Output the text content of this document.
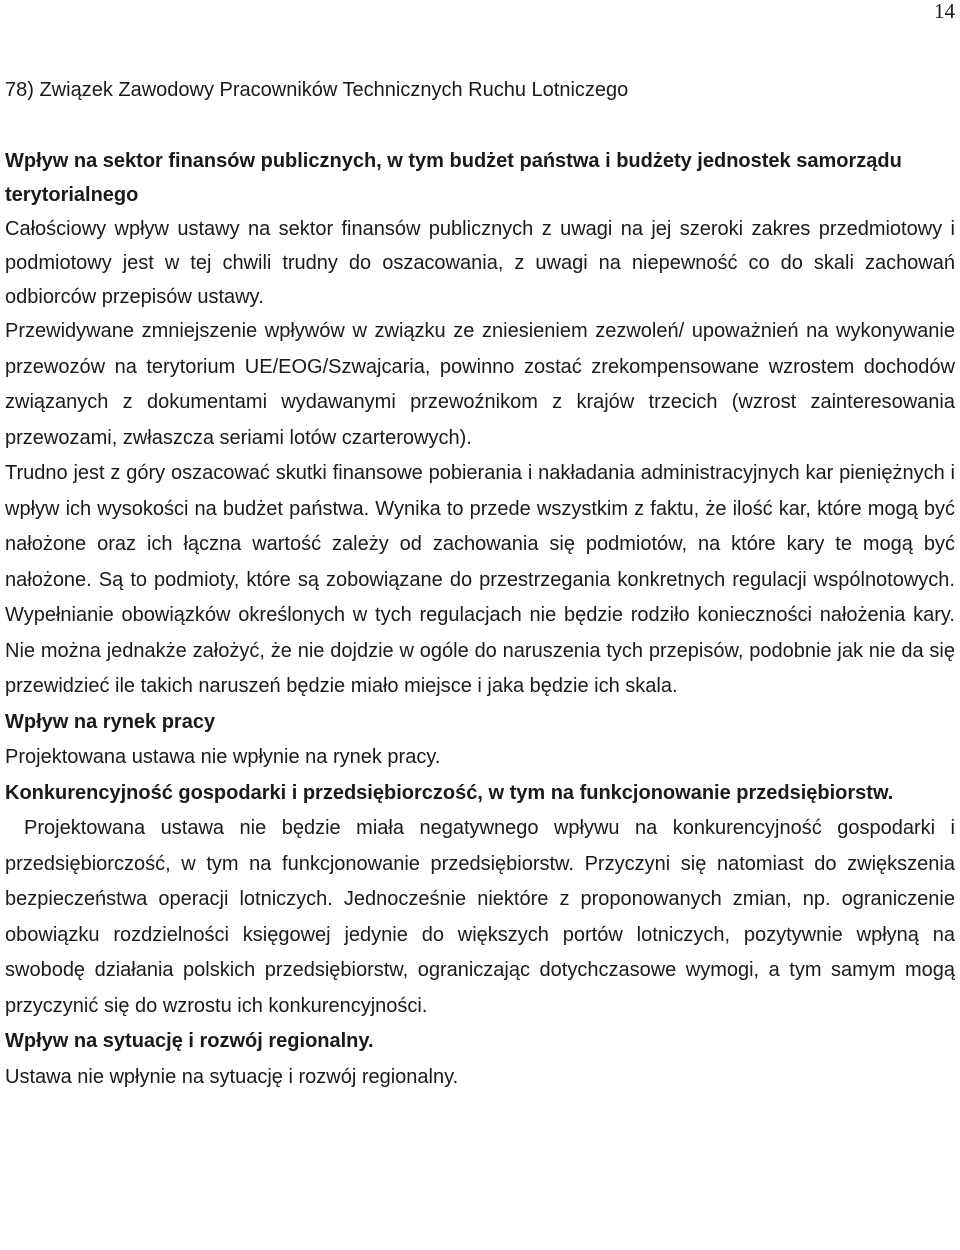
14
78) Związek Zawodowy Pracowników Technicznych Ruchu Lotniczego

Wpływ na sektor finansów publicznych, w tym budżet państwa i budżety jednostek samorządu terytorialnego

Całościowy wpływ ustawy na sektor finansów publicznych z uwagi na jej szeroki zakres przedmiotowy i podmiotowy jest w tej chwili trudny do oszacowania, z uwagi na niepewność co do skali zachowań odbiorców przepisów ustawy.

Przewidywane zmniejszenie wpływów w związku ze zniesieniem zezwoleń/ upoważnień na wykonywanie przewozów na terytorium UE/EOG/Szwajcaria, powinno zostać zrekompensowane wzrostem dochodów związanych z dokumentami wydawanymi przewoźnikom z krajów trzecich (wzrost zainteresowania przewozami, zwłaszcza seriami lotów czarterowych).

Trudno jest z góry oszacować skutki finansowe pobierania i nakładania administracyjnych kar pieniężnych i wpływ ich wysokości na budżet państwa. Wynika to przede wszystkim z faktu, że ilość kar, które mogą być nałożone oraz ich łączna wartość zależy od zachowania się podmiotów, na które kary te mogą być nałożone. Są to podmioty, które są zobowiązane do przestrzegania konkretnych regulacji wspólnotowych. Wypełnianie obowiązków określonych w tych regulacjach nie będzie rodziło konieczności nałożenia kary. Nie można jednakże założyć, że nie dojdzie w ogóle do naruszenia tych przepisów, podobnie jak nie da się przewidzieć ile takich naruszeń będzie miało miejsce i jaka będzie ich skala.

Wpływ na rynek pracy

Projektowana ustawa nie wpłynie na rynek pracy.

Konkurencyjność gospodarki i przedsiębiorczość, w tym na funkcjonowanie przedsiębiorstw.

Projektowana ustawa nie będzie miała negatywnego wpływu na konkurencyjność gospodarki i przedsiębiorczość, w tym na funkcjonowanie przedsiębiorstw. Przyczyni się natomiast do zwiększenia bezpieczeństwa operacji lotniczych. Jednocześnie niektóre z proponowanych zmian, np. ograniczenie obowiązku rozdzielności księgowej jedynie do większych portów lotniczych, pozytywnie wpłyną na swobodę działania polskich przedsiębiorstw, ograniczając dotychczasowe wymogi, a tym samym mogą przyczynić się do wzrostu ich konkurencyjności.

Wpływ na sytuację i rozwój regionalny.

Ustawa nie wpłynie na sytuację i rozwój regionalny.
